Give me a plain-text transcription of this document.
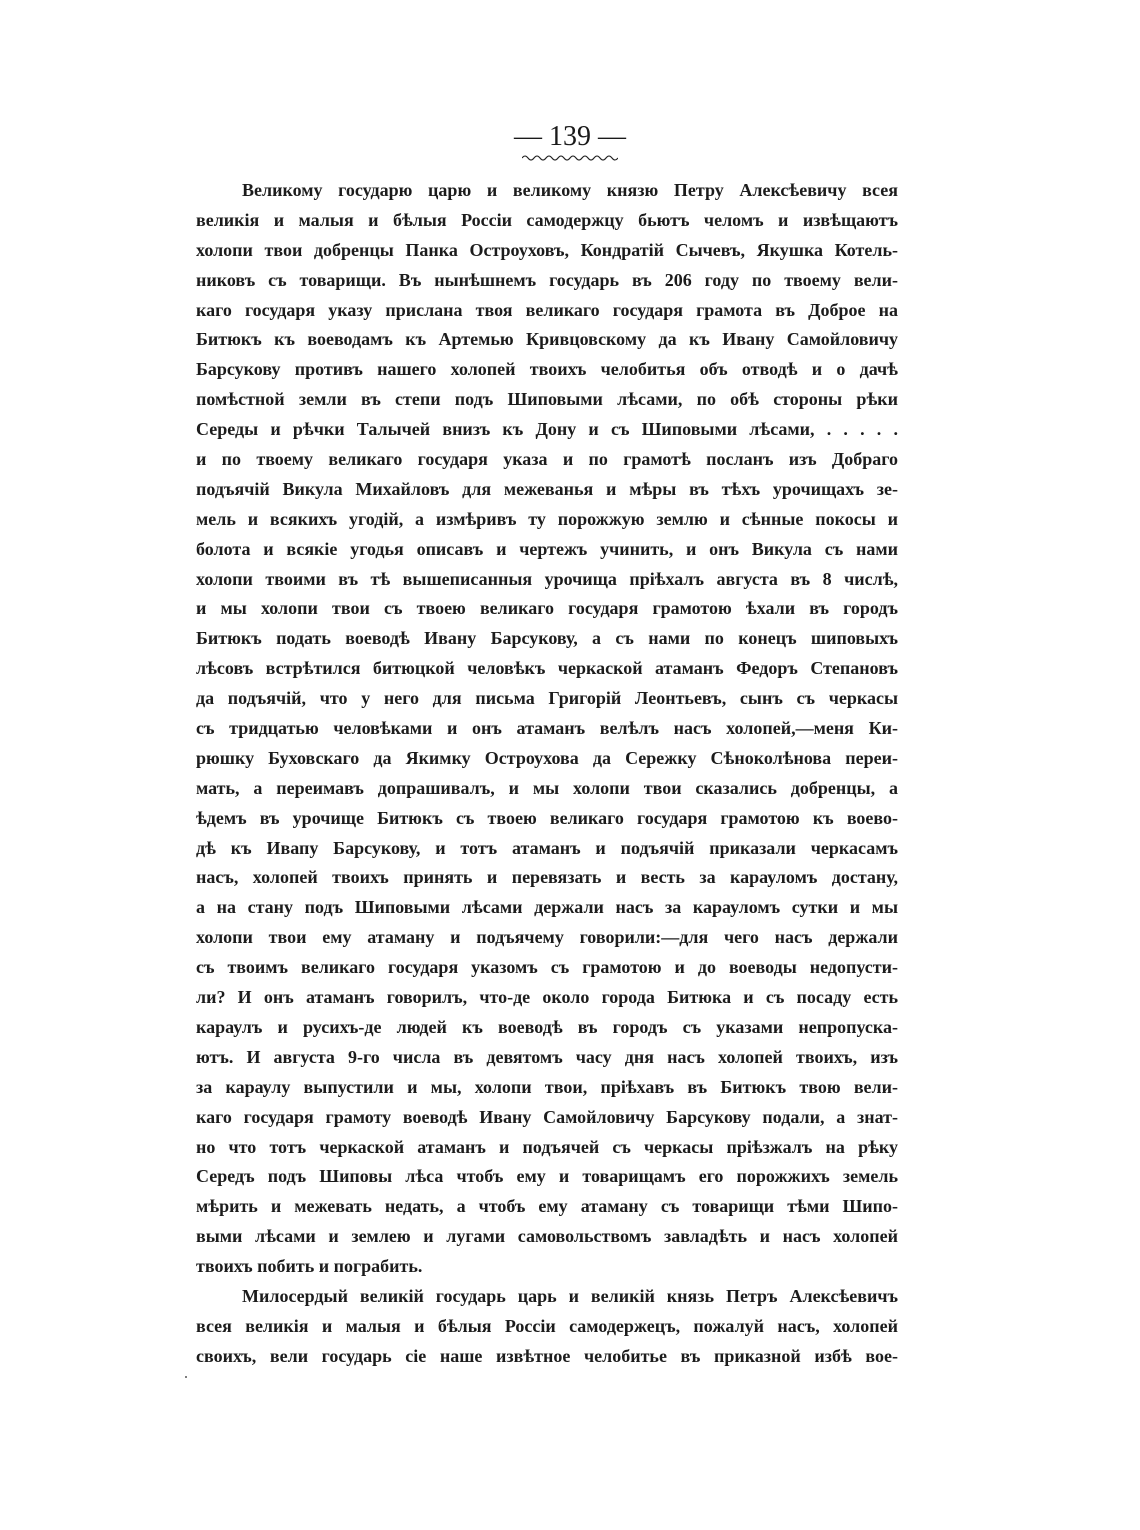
— 139 —
Великому государю царю и великому князю Петру Алексѣевичу всея
великія и малыя и бѣлыя Россіи самодержцу бьютъ челомъ и извѣщаютъ
холопи твои добренцы Панка Остроуховъ, Кондратій Сычевъ, Якушка Котель-
никовъ съ товарищи. Въ нынѣшнемъ государь въ 206 году по твоему вели-
каго государя указу прислана твоя великаго государя грамота въ Доброе на
Битюкъ къ воеводамъ къ Артемью Кривцовскому да къ Ивану Самойловичу
Барсукову противъ нашего холопей твоихъ челобитья объ отводѣ и о дачѣ
помѣстной земли въ степи подъ Шиповыми лѣсами, по обѣ стороны рѣки
Середы и рѣчки Талычей внизъ къ Дону и съ Шиповыми лѣсами, . . . . .
и по твоему великаго государя указа и по грамотѣ посланъ изъ Добраго
подъячій Викула Михайловъ для межеванья и мѣры въ тѣхъ урочищахъ зе-
мель и всякихъ угодій, а измѣривъ ту порожжую землю и сѣнные покосы и
болота и всякіе угодья описавъ и чертежъ учинить, и онъ Викула съ нами
холопи твоими въ тѣ вышеписанныя урочища пріѣхалъ августа въ 8 числѣ,
и мы холопи твои съ твоею великаго государя грамотою ѣхали въ городъ
Битюкъ подать воеводѣ Ивану Барсукову, а съ нами по конецъ шиповыхъ
лѣсовъ встрѣтился битюцкой человѣкъ черкаской атаманъ Федоръ Степановъ
да подъячій, что у него для письма Григорій Леонтьевъ, сынъ съ черкасы
съ тридцатью человѣками и онъ атаманъ велѣлъ насъ холопей,—меня Ки-
рюшку Буховскаго да Якимку Остроухова да Сережку Сѣноколѣнова переи-
мать, а переимавъ допрашивалъ, и мы холопи твои сказались добренцы, а
ѣдемъ въ урочище Битюкъ съ твоею великаго государя грамотою къ воево-
дѣ къ Ивапу Барсукову, и тотъ атаманъ и подъячій приказали черкасамъ
насъ, холопей твоихъ принять и перевязать и весть за карауломъ достану,
а на стану подъ Шиповыми лѣсами держали насъ за карауломъ сутки и мы
холопи твои ему атаману и подъячему говорили:—для чего насъ держали
съ твоимъ великаго государя указомъ съ грамотою и до воеводы недопусти-
ли? И онъ атаманъ говорилъ, что-де около города Битюка и съ посаду есть
караулъ и русихъ-де людей къ воеводѣ въ городъ съ указами непропуска-
ютъ. И августа 9-го числа въ девятомъ часу дня насъ холопей твоихъ, изъ
за караулу выпустили и мы, холопи твои, пріѣхавъ въ Битюкъ твою вели-
каго государя грамоту воеводѣ Ивану Самойловичу Барсукову подали, а знат-
но что тотъ черкаской атаманъ и подъячей съ черкасы пріѣзжалъ на рѣку
Середъ подъ Шиповы лѣса чтобъ ему и товарищамъ его порожжихъ земель
мѣрить и межевать недать, а чтобъ ему атаману съ товарищи тѣми Шипо-
выми лѣсами и землею и лугами самовольствомъ завладѣть и насъ холопей
твоихъ побить и пограбить.
Милосердый великій государь царь и великій князь Петръ Алексѣевичъ
всея великія и малыя и бѣлыя Россіи самодержецъ, пожалуй насъ, холопей
своихъ, вели государь сіе наше извѣтное челобитье въ приказной избѣ вое-
